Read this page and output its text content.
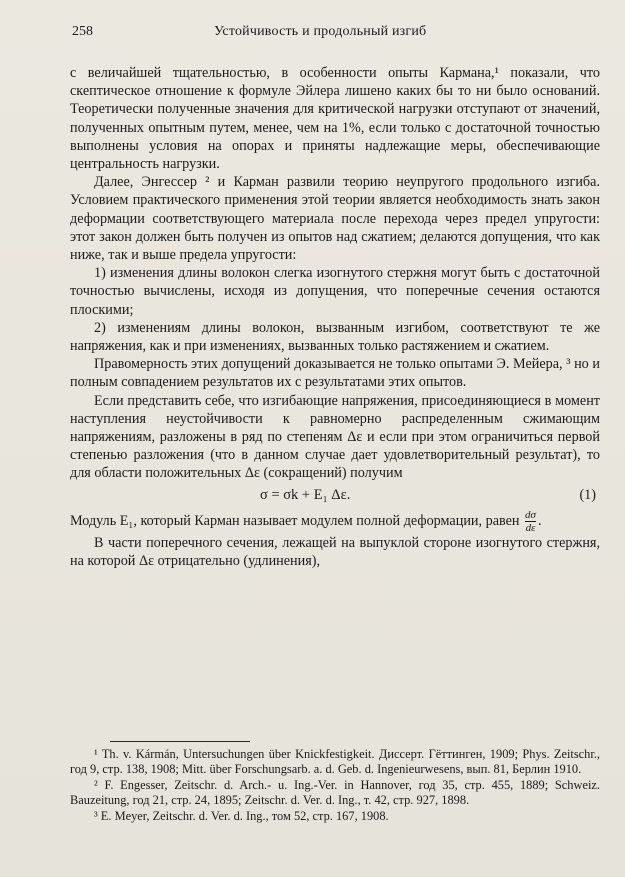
258	Устойчивость и продольный изгиб

с величайшей тщательностью, в особенности опыты Кармана,¹ показали, что скептическое отношение к формуле Эйлера лишено каких бы то ни было оснований. Теоретически полученные значения для критической нагрузки отступают от значений, полученных опытным путем, менее, чем на 1%, если только с достаточной точностью выполнены условия на опорах и приняты надлежащие меры, обеспечивающие центральность нагрузки.

Далее, Энгессер ² и Карман развили теорию неупругого продольного изгиба. Условием практического применения этой теории является необходимость знать закон деформации соответствующего материала после перехода через предел упругости: этот закон должен быть получен из опытов над сжатием; делаются допущения, что как ниже, так и выше предела упругости:

1) изменения длины волокон слегка изогнутого стержня могут быть с достаточной точностью вычислены, исходя из допущения, что поперечные сечения остаются плоскими;

2) изменениям длины волокон, вызванным изгибом, соответствуют те же напряжения, как и при изменениях, вызванных только растяжением и сжатием.

Правомерность этих допущений доказывается не только опытами Э. Мейера, ³ но и полным совпадением результатов их с результатами этих опытов.

Если представить себе, что изгибающие напряжения, присоединяющиеся в момент наступления неустойчивости к равномерно распределенным сжимающим напряжениям, разложены в ряд по степеням Δε и если при этом ограничиться первой степенью разложения (что в данном случае дает удовлетворительный результат), то для области положительных Δε (сокращений) получим

σ = σk + E₁ Δε.	(1)

Модуль E₁, который Карман называет модулем полной деформации, равен $\frac{d\sigma}{d\varepsilon}$ .

В части поперечного сечения, лежащей на выпуклой стороне изогнутого стержня, на которой Δε отрицательно (удлинения),

¹ Th. v. Kármán, Untersuchungen über Knickfestigkeit. Диссерт. Гёттинген, 1909; Phys. Zeitschr., год 9, стр. 138, 1908; Mitt. über Forschungsarb. a. d. Geb. d. Ingenieurwesens, вып. 81, Берлин 1910.

² F. Engesser, Zeitschr. d. Arch.- u. Ing.-Ver. in Hannover, год 35, стр. 455, 1889; Schweiz. Bauzeitung, год 21, стр. 24, 1895; Zeitschr. d. Ver. d. Ing., т. 42, стр. 927, 1898.

³ E. Meyer, Zeitschr. d. Ver. d. Ing., том 52, стр. 167, 1908.
